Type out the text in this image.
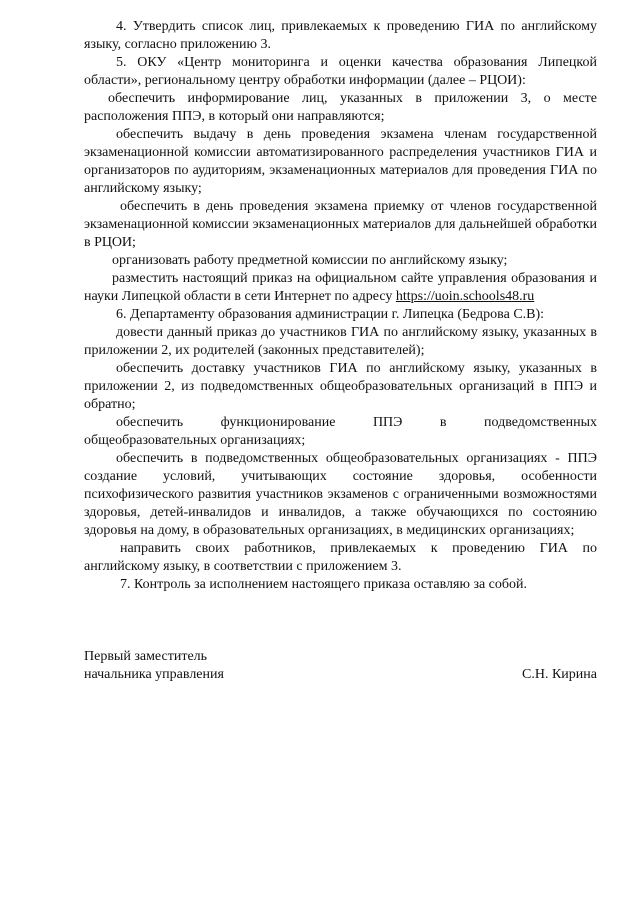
4. Утвердить список лиц, привлекаемых к проведению ГИА по английскому языку, согласно приложению 3.

5. ОКУ «Центр мониторинга и оценки качества образования Липецкой области», региональному центру обработки информации (далее – РЦОИ):

обеспечить информирование лиц, указанных в приложении 3, о месте расположения ППЭ, в который они направляются;

обеспечить выдачу в день проведения экзамена членам государственной экзаменационной комиссии автоматизированного распределения участников ГИА и организаторов по аудиториям, экзаменационных материалов для проведения ГИА по английскому языку;

обеспечить в день проведения экзамена приемку от членов государственной экзаменационной комиссии экзаменационных материалов для дальнейшей обработки в РЦОИ;

организовать работу предметной комиссии по английскому языку;

разместить настоящий приказ на официальном сайте управления образования и науки Липецкой области в сети Интернет по адресу https://uoin.schools48.ru

6. Департаменту образования администрации г. Липецка (Бедрова С.В):

довести данный приказ до участников ГИА по английскому языку, указанных в приложении 2, их родителей (законных представителей);

обеспечить доставку участников ГИА по английскому языку, указанных в приложении 2, из подведомственных общеобразовательных организаций в ППЭ и обратно;

обеспечить функционирование ППЭ в подведомственных общеобразовательных организациях;

обеспечить в подведомственных общеобразовательных организациях - ППЭ создание условий, учитывающих состояние здоровья, особенности психофизического развития участников экзаменов с ограниченными возможностями здоровья, детей-инвалидов и инвалидов, а также обучающихся по состоянию здоровья на дому, в образовательных организациях, в медицинских организациях;

направить своих работников, привлекаемых к проведению ГИА по английскому языку, в соответствии с приложением 3.

7. Контроль за исполнением настоящего приказа оставляю за собой.

Первый заместитель
начальника управления	С.Н. Кирина
